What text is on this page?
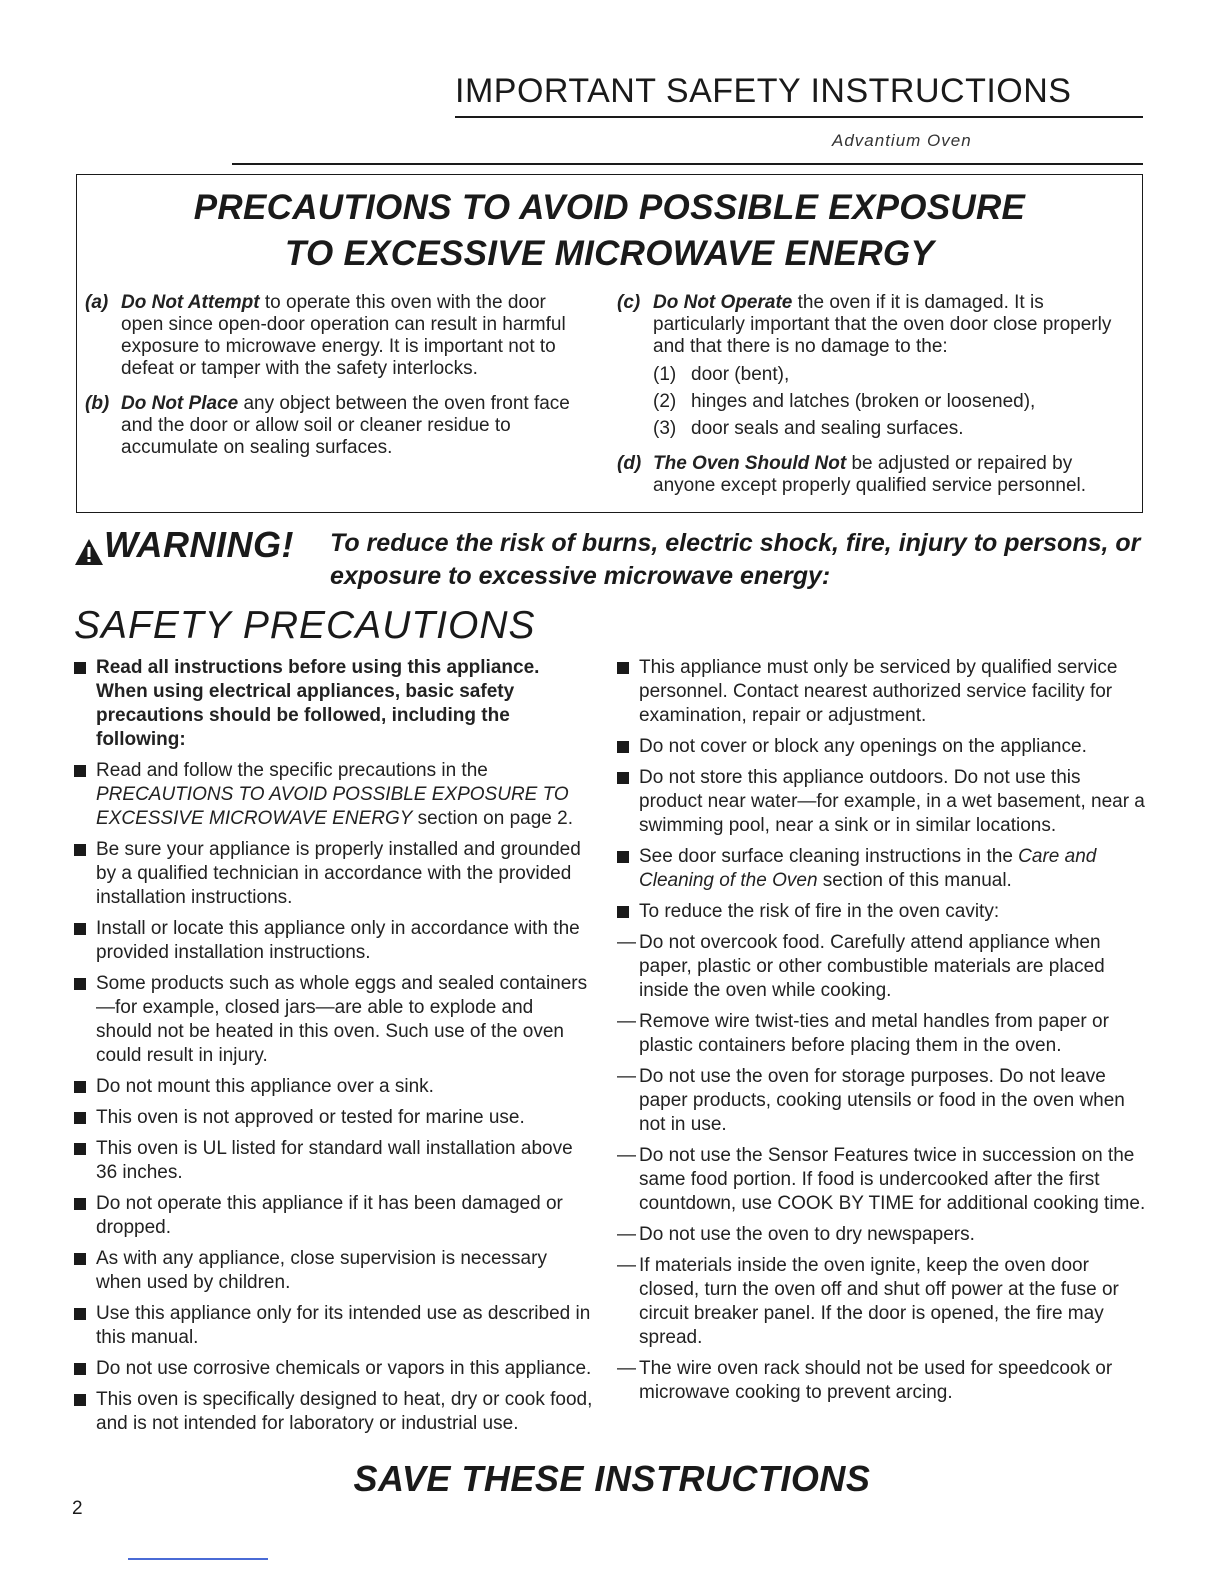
IMPORTANT SAFETY INSTRUCTIONS
Advantium Oven
PRECAUTIONS TO AVOID POSSIBLE EXPOSURE
TO EXCESSIVE MICROWAVE ENERGY
(a) Do Not Attempt to operate this oven with the door open since open-door operation can result in harmful exposure to microwave energy. It is important not to defeat or tamper with the safety interlocks.
(b) Do Not Place any object between the oven front face and the door or allow soil or cleaner residue to accumulate on sealing surfaces.
(c) Do Not Operate the oven if it is damaged. It is particularly important that the oven door close properly and that there is no damage to the:
(1) door (bent),
(2) hinges and latches (broken or loosened),
(3) door seals and sealing surfaces.
(d) The Oven Should Not be adjusted or repaired by anyone except properly qualified service personnel.
WARNING! To reduce the risk of burns, electric shock, fire, injury to persons, or exposure to excessive microwave energy:
SAFETY PRECAUTIONS
Read all instructions before using this appliance. When using electrical appliances, basic safety precautions should be followed, including the following:
Read and follow the specific precautions in the PRECAUTIONS TO AVOID POSSIBLE EXPOSURE TO EXCESSIVE MICROWAVE ENERGY section on page 2.
Be sure your appliance is properly installed and grounded by a qualified technician in accordance with the provided installation instructions.
Install or locate this appliance only in accordance with the provided installation instructions.
Some products such as whole eggs and sealed containers—for example, closed jars—are able to explode and should not be heated in this oven. Such use of the oven could result in injury.
Do not mount this appliance over a sink.
This oven is not approved or tested for marine use.
This oven is UL listed for standard wall installation above 36 inches.
Do not operate this appliance if it has been damaged or dropped.
As with any appliance, close supervision is necessary when used by children.
Use this appliance only for its intended use as described in this manual.
Do not use corrosive chemicals or vapors in this appliance.
This oven is specifically designed to heat, dry or cook food, and is not intended for laboratory or industrial use.
This appliance must only be serviced by qualified service personnel. Contact nearest authorized service facility for examination, repair or adjustment.
Do not cover or block any openings on the appliance.
Do not store this appliance outdoors. Do not use this product near water—for example, in a wet basement, near a swimming pool, near a sink or in similar locations.
See door surface cleaning instructions in the Care and Cleaning of the Oven section of this manual.
To reduce the risk of fire in the oven cavity:
— Do not overcook food. Carefully attend appliance when paper, plastic or other combustible materials are placed inside the oven while cooking.
— Remove wire twist-ties and metal handles from paper or plastic containers before placing them in the oven.
— Do not use the oven for storage purposes. Do not leave paper products, cooking utensils or food in the oven when not in use.
— Do not use the Sensor Features twice in succession on the same food portion. If food is undercooked after the first countdown, use COOK BY TIME for additional cooking time.
— Do not use the oven to dry newspapers.
— If materials inside the oven ignite, keep the oven door closed, turn the oven off and shut off power at the fuse or circuit breaker panel. If the door is opened, the fire may spread.
— The wire oven rack should not be used for speedcook or microwave cooking to prevent arcing.
SAVE THESE INSTRUCTIONS
2
